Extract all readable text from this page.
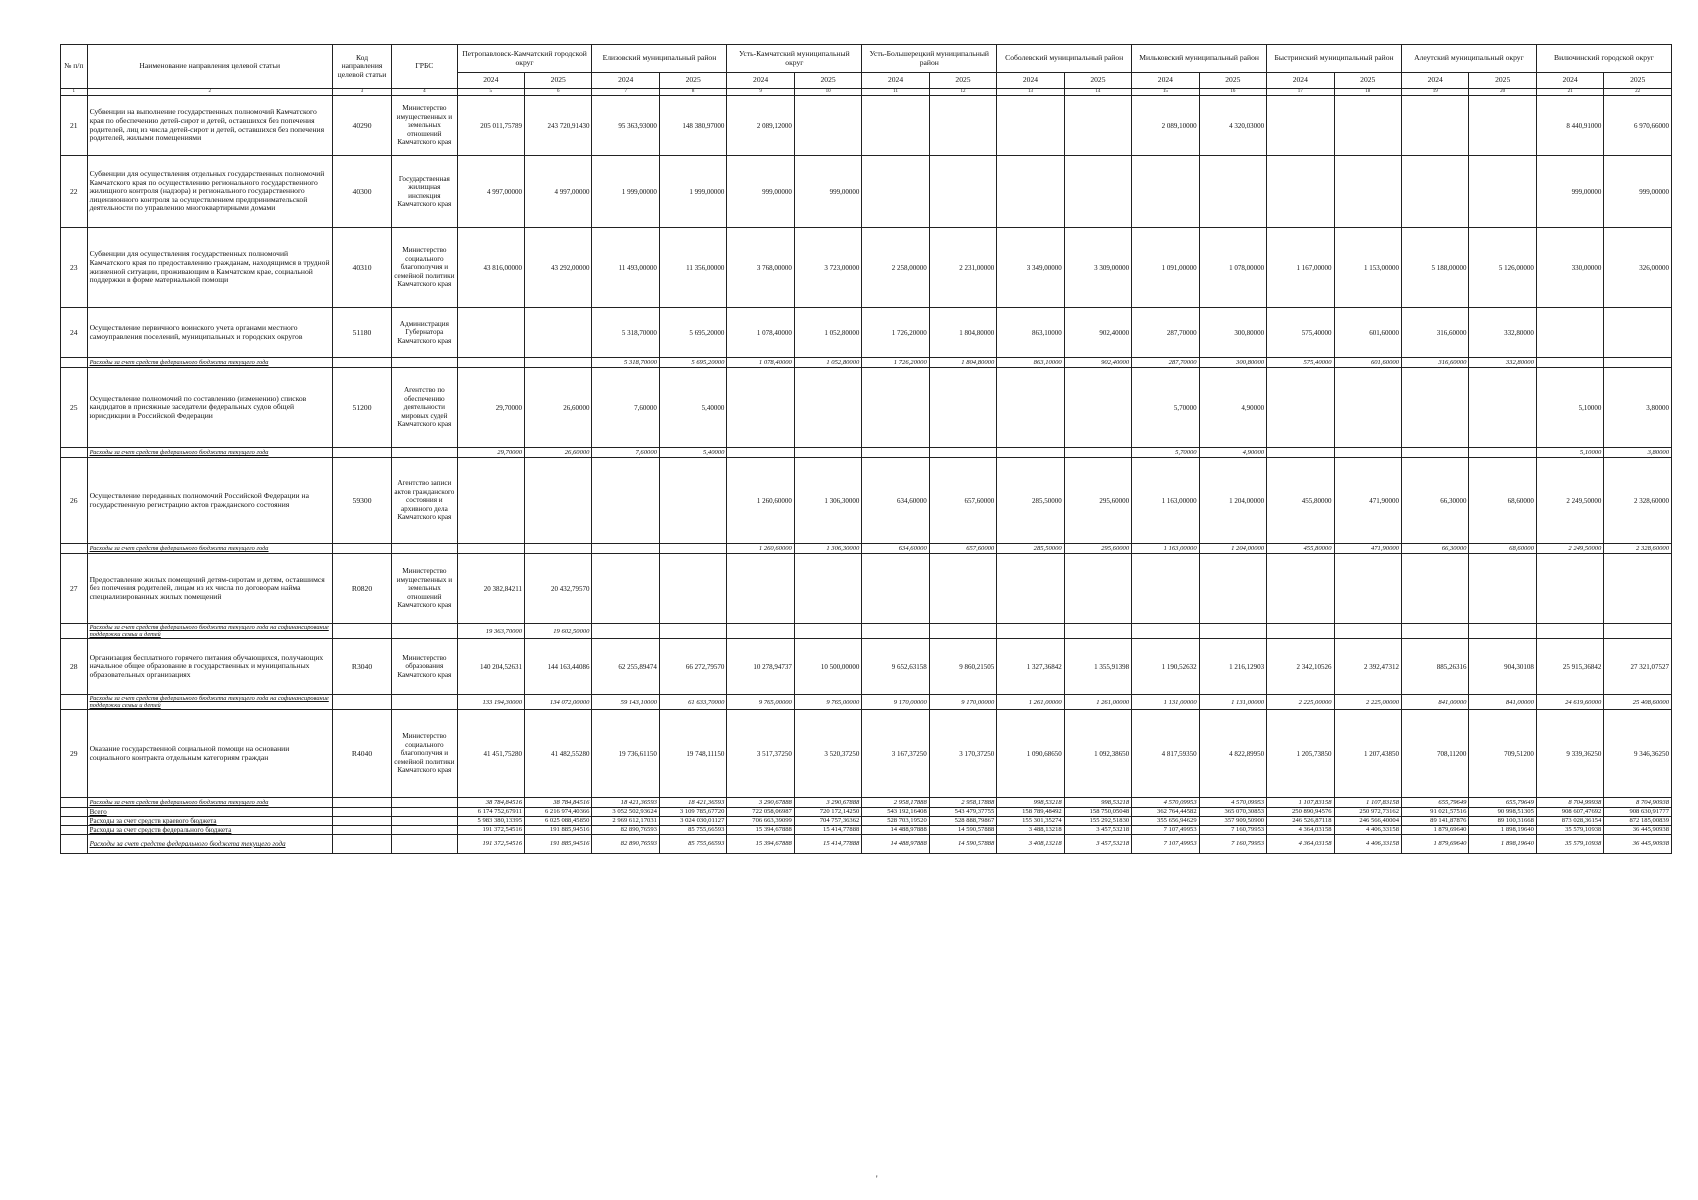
№ п/п	Наименование направления целевой статьи	Код направления целевой статьи	ГРБС	Петропавловск-Камчатский городской округ		Елизовский муниципальный район		Усть-Камчатский муниципальный округ		Усть-Большерецкий муниципальный район		Соболевский муниципальный район		Мильковский муниципальный район		Быстринский муниципальный район		Алеутский муниципальный округ		Вилючинский городской округ	
				2024	2025	2024	2025	2024	2025	2024	2025	2024	2025	2024	2025	2024	2025	2024	2025	2024	2025
1	2	3	4	5	6	7	8	9	10	11	12	13	14	15	16	17	18	19	20	21	22
21	Субвенции на выполнение государственных полномочий Камчатского края по обеспечению детей-сирот и детей, оставшихся без попечения родителей, лиц из числа детей-сирот и детей, оставшихся без попечения родителей, жилыми помещениями	40290	Министерство имущественных и земельных отношений Камчатского края	205 011,75789	243 720,91430	95 363,93000	148 380,97000	2 089,12000						2 089,10000	4 320,03000					8 440,91000	6 970,66000
22	Субвенции для осуществления отдельных государственных полномочий Камчатского края по осуществлению регионального государственного жилищного контроля (надзора) и регионального государственного лицензионного контроля за осуществлением предпринимательской деятельности по управлению многоквартирными домами	40300	Государственная жилищная инспекция Камчатского края	4 997,00000	4 997,00000	1 999,00000	1 999,00000	999,00000	999,00000											999,00000	999,00000
23	Субвенции для осуществления государственных полномочий Камчатского края по предоставлению гражданам, находящимся в трудной жизненной ситуации, проживающим в Камчатском крае, социальной поддержки в форме материальной помощи	40310	Министерство социального благополучия и семейной политики Камчатского края	43 816,00000	43 292,00000	11 493,00000	11 356,00000	3 768,00000	3 723,00000	2 258,00000	2 231,00000	3 349,00000	3 309,00000	1 091,00000	1 078,00000	1 167,00000	1 153,00000	5 188,00000	5 126,00000	330,00000	326,00000
24	Осуществление первичного воинского учета органами местного самоуправления поселений, муниципальных и городских округов	51180	Администрация Губернатора Камчатского края			5 318,70000	5 695,20000	1 078,40000	1 052,80000	1 726,20000	1 804,80000	863,10000	902,40000	287,70000	300,80000	575,40000	601,60000	316,60000	332,80000		
	Расходы за счет средств федерального бюджета текущего года					5 318,70000	5 695,20000	1 078,40000	1 052,80000	1 726,20000	1 804,80000	863,10000	902,40000	287,70000	300,80000	575,40000	601,60000	316,60000	332,80000		
25	Осуществление полномочий по составлению (изменению) списков кандидатов в присяжные заседатели федеральных судов общей юрисдикции в Российской Федерации	51200	Агентство по обеспечению деятельности мировых судей Камчатского края	29,70000	26,60000	7,60000	5,40000							5,70000	4,90000					5,10000	3,80000
	Расходы за счет средств федерального бюджета текущего года			29,70000	26,60000	7,60000	5,40000							5,70000	4,90000					5,10000	3,80000
26	Осуществление переданных полномочий Российской Федерации на государственную регистрацию актов гражданского состояния	59300	Агентство записи актов гражданского состояния и архивного дела Камчатского края					1 260,60000	1 306,30000	634,60000	657,60000	285,50000	295,60000	1 163,00000	1 204,00000	455,80000	471,90000	66,30000	68,60000	2 249,50000	2 328,60000
	Расходы за счет средств федерального бюджета текущего года							1 260,60000	1 306,30000	634,60000	657,60000	285,50000	295,60000	1 163,00000	1 204,00000	455,80000	471,90000	66,30000	68,60000	2 249,50000	2 328,60000
27	Предоставление жилых помещений детям-сиротам и детям, оставшимся без попечения родителей, лицам из их числа по договорам найма специализированных жилых помещений	R0820	Министерство имущественных и земельных отношений Камчатского края	20 382,84211	20 432,79570																
	Расходы за счет средств федерального бюджета текущего года на софинансирование поддержки семьи и детей			19 363,70000	19 602,50000																
28	Организация бесплатного горячего питания обучающихся, получающих начальное общее образование в государственных и муниципальных образовательных организациях	R3040	Министерство образования Камчатского края	140 204,52631	144 163,44086	62 255,89474	66 272,79570	10 278,94737	10 500,00000	9 652,63158	9 860,21505	1 327,36842	1 355,91398	1 190,52632	1 216,12903	2 342,10526	2 392,47312	885,26316	904,30108	25 915,36842	27 321,07527
	Расходы за счет средств федерального бюджета текущего года на софинансирование поддержки семьи и детей			133 194,30000	134 072,00000	59 143,10000	61 633,70000	9 765,00000	9 765,00000	9 170,00000	9 170,00000	1 261,00000	1 261,00000	1 131,00000	1 131,00000	2 225,00000	2 225,00000	841,00000	841,00000	24 619,60000	25 408,60000
29	Оказание государственной социальной помощи на основании социального контракта отдельным категориям граждан	R4040	Министерство социального благополучия и семейной политики Камчатского края	41 451,75280	41 482,55280	19 736,61150	19 748,11150	3 517,37250	3 520,37250	3 167,37250	3 170,37250	1 090,68650	1 092,38650	4 817,59350	4 822,89950	1 205,73850	1 207,43850	708,11200	709,51200	9 339,36250	9 346,36250
	Расходы за счет средств федерального бюджета текущего года			38 784,84516	38 784,84516	18 421,36593	18 421,36593	3 290,67888	3 290,67888	2 958,17888	2 958,17888	998,53218	998,53218	4 570,09953	4 570,09953	1 107,83158	1 107,83158	655,79649	655,79649	8 704,99938	8 704,90938
	Всего			6 174 752,67911	6 216 974,40366	3 052 502,93624	3 109 785,67720	722 058,06987	720 172,14250	543 192,16408	543 479,37755	158 789,48492	158 750,05048	362 764,44582	365 070,30853	250 890,94576	250 972,73162	91 021,57516	90 998,51305	908 607,47692	908 630,91777
	Расходы за счет средств краевого бюджета			5 983 380,13395	6 025 088,45850	2 969 612,17031	3 024 030,01127	706 663,39099	704 757,36362	528 703,19520	528 888,79867	155 301,35274	155 292,51830	355 656,94629	357 909,50900	246 526,87118	246 566,40004	89 141,87876	89 100,31668	873 028,36154	872 185,00839
	Расходы за счет средств федерального бюджета			191 372,54516	191 885,94516	82 890,76593	85 755,66593	15 394,67888	15 414,77888	14 488,97888	14 590,57888	3 488,13218	3 457,53218	7 107,49953	7 160,79953	4 364,03158	4 406,33158	1 879,69640	1 898,19640	35 579,10938	36 445,90938
	Расходы за счет средств федерального бюджета текущего года			191 372,54516	191 885,94516	82 890,76593	85 755,66593	15 394,67888	15 414,77888	14 488,97888	14 590,57888	3 408,13218	3 457,53218	7 107,49953	7 160,79953	4 364,03158	4 406,33158	1 879,69640	1 898,19640	35 579,10938	36 445,90938
'
